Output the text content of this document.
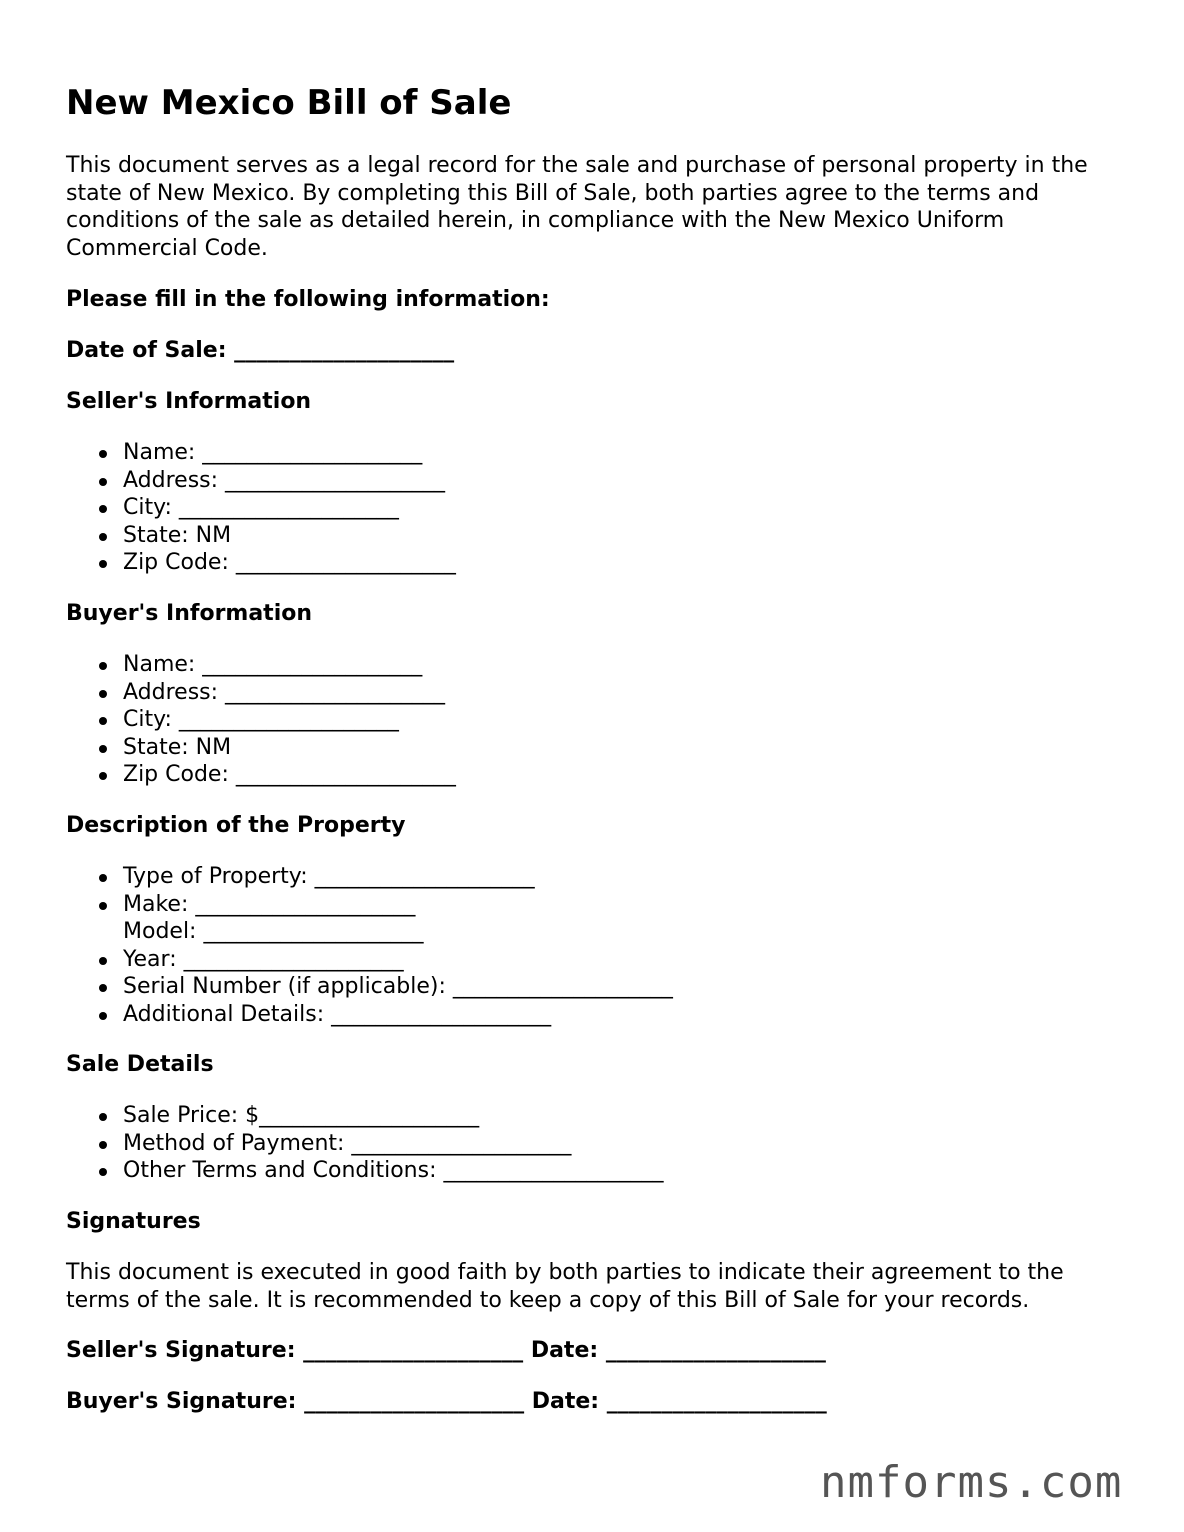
New Mexico Bill of Sale

This document serves as a legal record for the sale and purchase of personal property in the state of New Mexico. By completing this Bill of Sale, both parties agree to the terms and conditions of the sale as detailed herein, in compliance with the New Mexico Uniform Commercial Code.

Please fill in the following information:

Date of Sale: ____________________

Seller's Information

Name: ____________________
Address: ____________________
City: ____________________
State: NM
Zip Code: ____________________

Buyer's Information

Name: ____________________
Address: ____________________
City: ____________________
State: NM
Zip Code: ____________________

Description of the Property

Type of Property: ____________________
Make: ____________________
Model: ____________________
Year: ____________________
Serial Number (if applicable): ____________________
Additional Details: ____________________

Sale Details

Sale Price: $____________________
Method of Payment: ____________________
Other Terms and Conditions: ____________________

Signatures

This document is executed in good faith by both parties to indicate their agreement to the terms of the sale. It is recommended to keep a copy of this Bill of Sale for your records.

Seller's Signature: ____________________ Date: ____________________

Buyer's Signature: ____________________ Date: ____________________

nmforms.com
